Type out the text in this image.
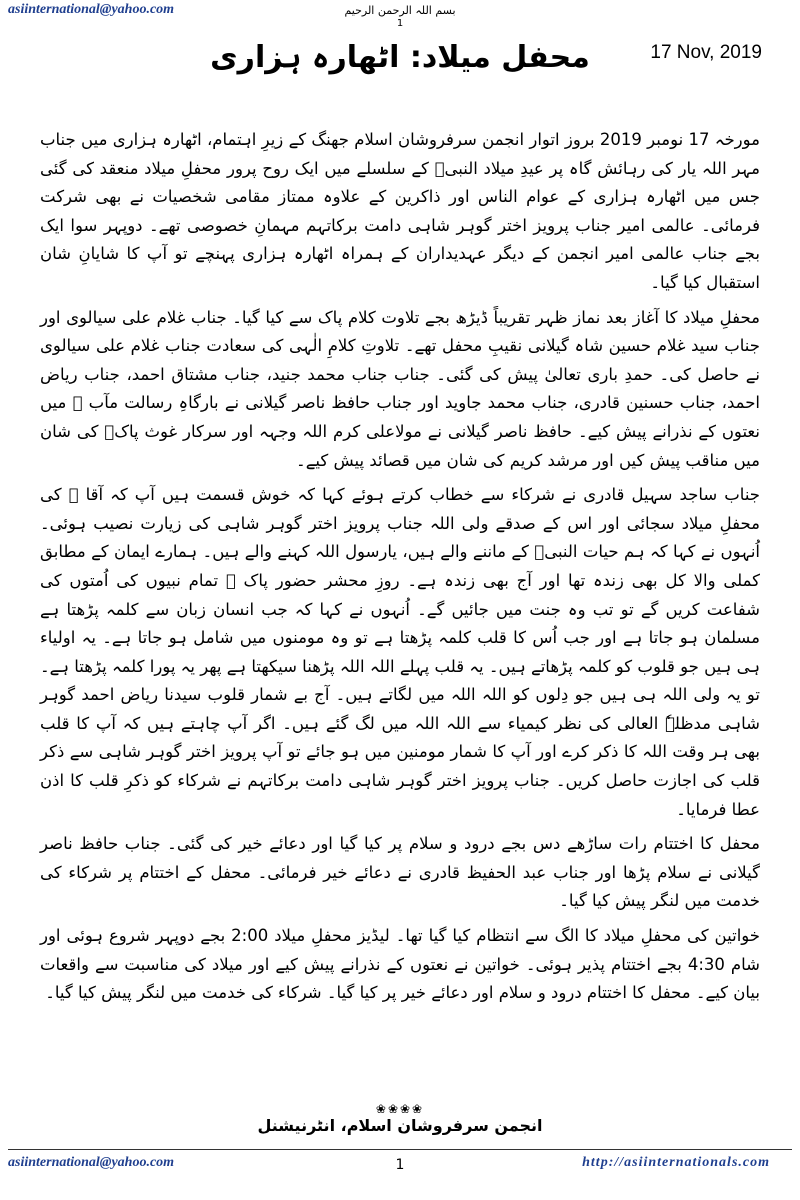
asiinternational@yahoo.com	بسم اللہ الرحمن الرحیم
1
17 Nov, 2019
محفل میلاد: اٹھارہ ہزاری

مورخہ 17 نومبر 2019 بروز اتوار انجمن سرفروشان اسلام جھنگ کے زیرِ اہتمام، اٹھارہ ہزاری میں جناب مہر اللہ یار کی رہائش گاہ پر عیدِ میلاد النبیؐ کے سلسلے میں ایک روح پرور محفلِ میلاد منعقد کی گئی جس میں اٹھارہ ہزاری کے عوام الناس اور ذاکرین کے علاوہ ممتاز مقامی شخصیات نے بھی شرکت فرمائی۔ عالمی امیر جناب پرویز اختر گوہر شاہی دامت برکاتہم مہمانِ خصوصی تھے۔ دوپہر سوا ایک بجے جناب عالمی امیر انجمن کے دیگر عہدیداران کے ہمراہ اٹھارہ ہزاری پہنچے تو آپ کا شایانِ شان استقبال کیا گیا۔

محفلِ میلاد کا آغاز بعد نماز ظہر تقریباً ڈیڑھ بجے تلاوت کلام پاک سے کیا گیا۔ جناب غلام علی سیالوی اور جناب سید غلام حسین شاہ گیلانی نقیبِ محفل تھے۔ تلاوتِ کلامِ الٰہی کی سعادت جناب غلام علی سیالوی نے حاصل کی۔ حمدِ باری تعالیٰ پیش کی گئی۔ جناب جناب محمد جنید، جناب مشتاق احمد، جناب ریاض احمد، جناب حسنین قادری، جناب محمد جاوید اور جناب حافظ ناصر گیلانی نے بارگاہِ رسالت مآب ﷺ میں نعتوں کے نذرانے پیش کیے۔ حافظ ناصر گیلانی نے مولاعلی کرم اللہ وجہہ اور سرکار غوث پاکؓ کی شان میں مناقب پیش کیں اور مرشد کریم کی شان میں قصائد پیش کیے۔

جناب ساجد سہیل قادری نے شرکاء سے خطاب کرتے ہوئے کہا کہ خوش قسمت ہیں آپ کہ آقا ﷺ کی محفلِ میلاد سجائی اور اس کے صدقے ولی اللہ جناب پرویز اختر گوہر شاہی کی زیارت نصیب ہوئی۔ اُنہوں نے کہا کہ ہم حیات النبیؐ کے ماننے والے ہیں، یارسول اللہ کہنے والے ہیں۔ ہمارے ایمان کے مطابق کملی والا کل بھی زندہ تھا اور آج بھی زندہ ہے۔ روزِ محشر حضور پاک ﷺ تمام نبیوں کی اُمتوں کی شفاعت کریں گے تو تب وہ جنت میں جائیں گے۔ اُنہوں نے کہا کہ جب انسان زبان سے کلمہ پڑھتا ہے مسلمان ہو جاتا ہے اور جب اُس کا قلب کلمہ پڑھتا ہے تو وہ مومنوں میں شامل ہو جاتا ہے۔ یہ اولیاء ہی ہیں جو قلوب کو کلمہ پڑھاتے ہیں۔ یہ قلب پہلے اللہ اللہ پڑھنا سیکھتا ہے پھر یہ پورا کلمہ پڑھتا ہے۔ تو یہ ولی اللہ ہی ہیں جو دِلوں کو اللہ اللہ میں لگاتے ہیں۔ آج بے شمار قلوب سیدنا ریاض احمد گوہر شاہی مدظلہٗ العالی کی نظر کیمیاء سے اللہ اللہ میں لگ گئے ہیں۔ اگر آپ چاہتے ہیں کہ آپ کا قلب بھی ہر وقت اللہ کا ذکر کرے اور آپ کا شمار مومنین میں ہو جائے تو آپ پرویز اختر گوہر شاہی سے ذکر قلب کی اجازت حاصل کریں۔ جناب پرویز اختر گوہر شاہی دامت برکاتہم نے شرکاء کو ذکرِ قلب کا اذن عطا فرمایا۔

محفل کا اختتام رات ساڑھے دس بجے درود و سلام پر کیا گیا اور دعائے خیر کی گئی۔ جناب حافظ ناصر گیلانی نے سلام پڑھا اور جناب عبد الحفیظ قادری نے دعائے خیر فرمائی۔ محفل کے اختتام پر شرکاء کی خدمت میں لنگر پیش کیا گیا۔

خواتین کی محفلِ میلاد کا الگ سے انتظام کیا گیا تھا۔ لیڈیز محفلِ میلاد 2:00 بجے دوپہر شروع ہوئی اور شام 4:30 بجے اختتام پذیر ہوئی۔ خواتین نے نعتوں کے نذرانے پیش کیے اور میلاد کی مناسبت سے واقعات بیان کیے۔ محفل کا اختتام درود و سلام اور دعائے خیر پر کیا گیا۔ شرکاء کی خدمت میں لنگر پیش کیا گیا۔

❀❀❀❀
انجمن سرفروشان اسلام، انٹرنیشنل
asiinternational@yahoo.com	1	http://asiinternationals.com
